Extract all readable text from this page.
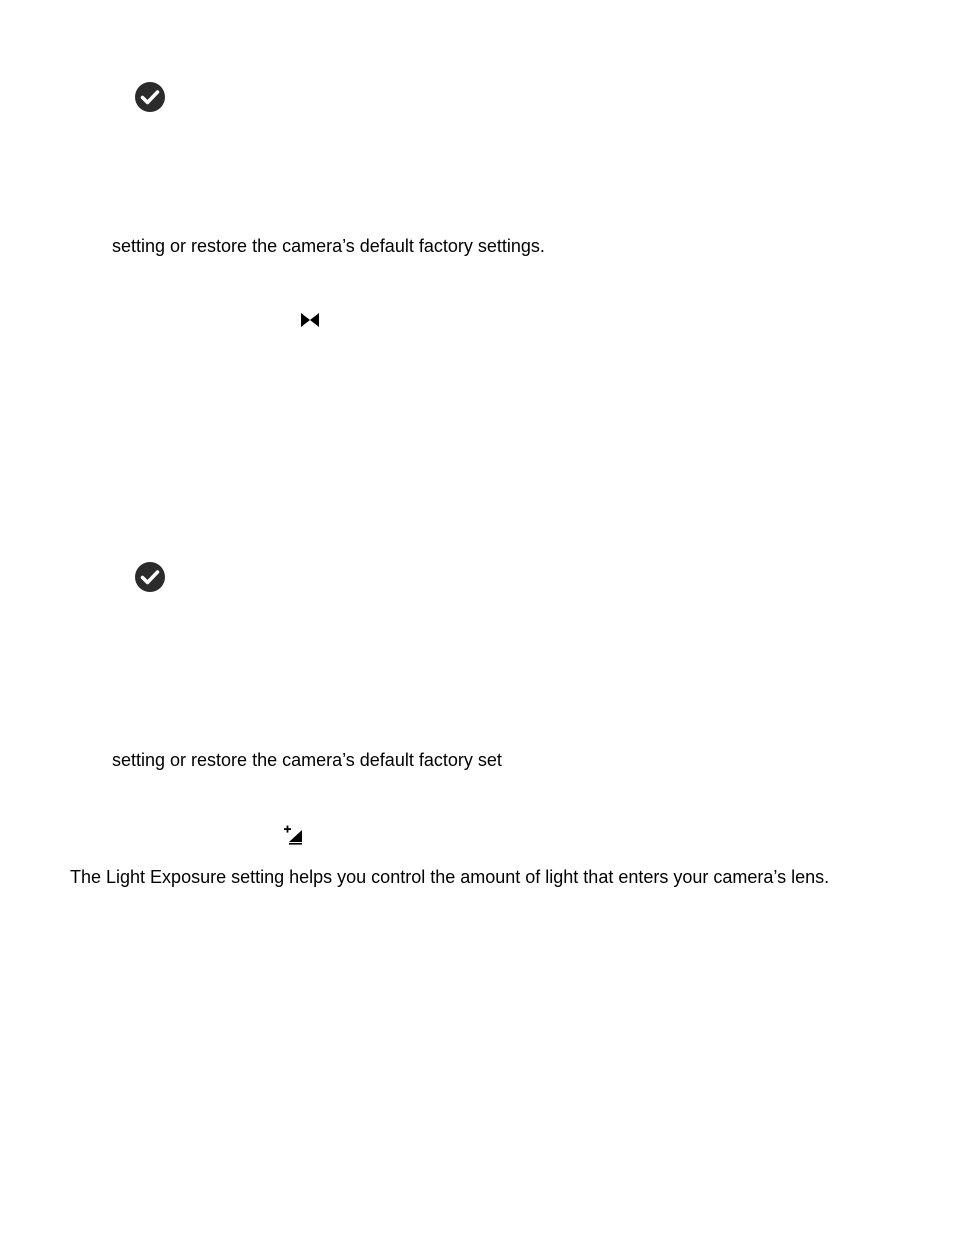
setting or restore the camera’s default factory settings.
setting or restore the camera’s default factory set
The Light Exposure setting helps you control the amount of light that enters your camera’s lens.
